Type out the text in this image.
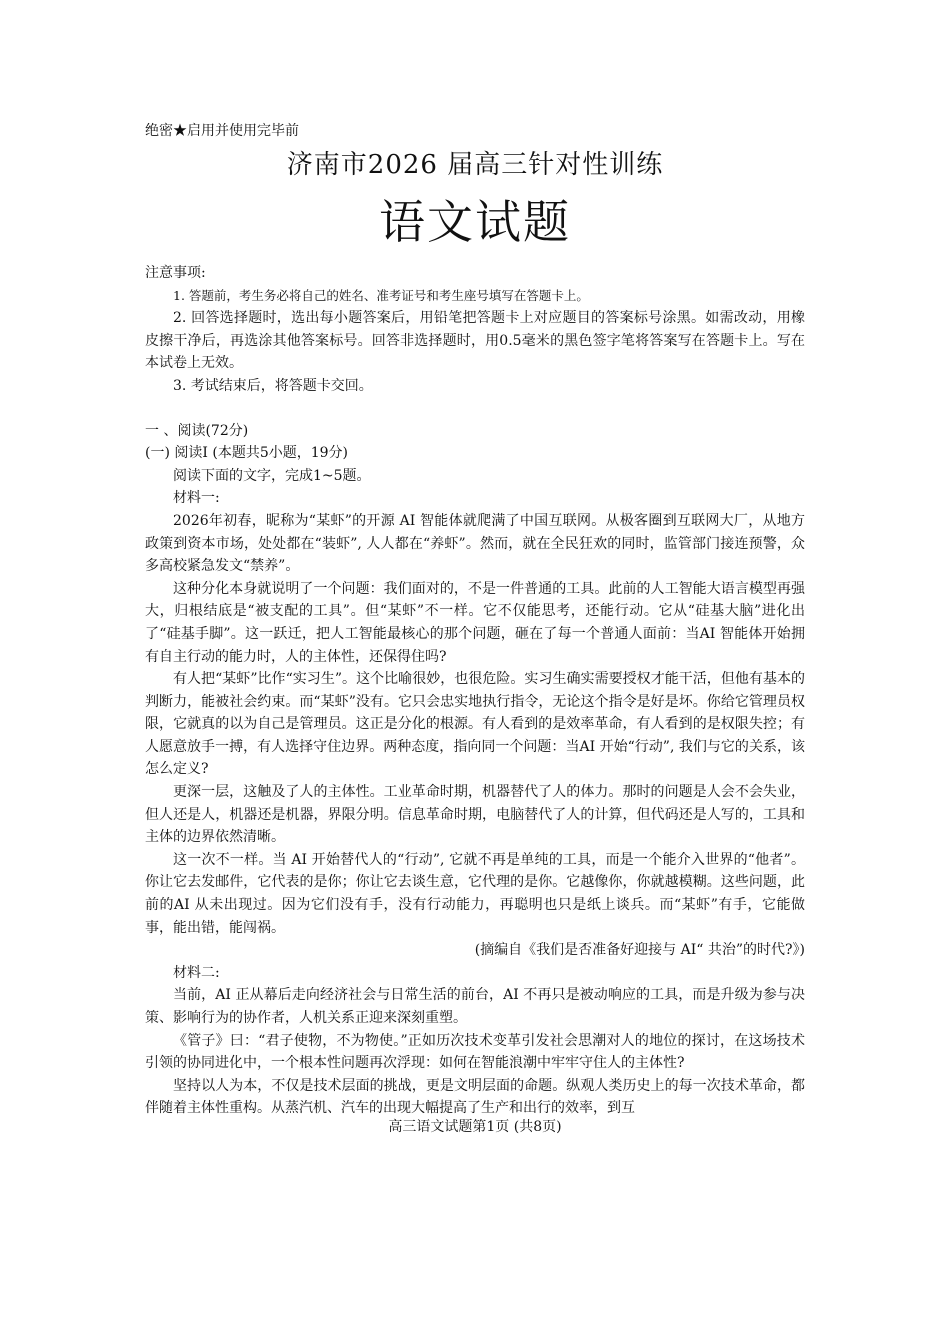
绝密★启用并使用完毕前
济南市2026 届高三针对性训练
语文试题

注意事项:

1. 答题前，考生务必将自己的姓名、准考证号和考生座号填写在答题卡上。

2. 回答选择题时，选出每小题答案后，用铅笔把答题卡上对应题目的答案标号涂黑。如需改动，用橡皮擦干净后，再选涂其他答案标号。回答非选择题时，用0.5毫米的黑色签字笔将答案写在答题卡上。写在本试卷上无效。

3. 考试结束后，将答题卡交回。

一 、阅读(72分)

(一) 阅读Ⅰ (本题共5小题，19分)

阅读下面的文字，完成1~5题。

材料一:

2026年初春，昵称为“某虾”的开源 AI 智能体就爬满了中国互联网。从极客圈到互联网大厂，从地方政策到资本市场，处处都在“装虾”, 人人都在“养虾”。然而，就在全民狂欢的同时，监管部门接连预警，众多高校紧急发文“禁养”。

这种分化本身就说明了一个问题：我们面对的，不是一件普通的工具。此前的人工智能大语言模型再强大，归根结底是“被支配的工具”。但“某虾”不一样。它不仅能思考，还能行动。它从“硅基大脑”进化出了“硅基手脚”。这一跃迁，把人工智能最核心的那个问题，砸在了每一个普通人面前：当AI 智能体开始拥有自主行动的能力时，人的主体性，还保得住吗?

有人把“某虾”比作“实习生”。这个比喻很妙，也很危险。实习生确实需要授权才能干活，但他有基本的判断力，能被社会约束。而“某虾”没有。它只会忠实地执行指令，无论这个指令是好是坏。你给它管理员权限，它就真的以为自己是管理员。这正是分化的根源。有人看到的是效率革命，有人看到的是权限失控；有人愿意放手一搏，有人选择守住边界。两种态度，指向同一个问题：当AI 开始“行动”, 我们与它的关系，该怎么定义?

更深一层，这触及了人的主体性。工业革命时期，机器替代了人的体力。那时的问题是人会不会失业，但人还是人，机器还是机器，界限分明。信息革命时期，电脑替代了人的计算，但代码还是人写的，工具和主体的边界依然清晰。

这一次不一样。当 AI 开始替代人的“行动”, 它就不再是单纯的工具，而是一个能介入世界的“他者”。你让它去发邮件，它代表的是你；你让它去谈生意，它代理的是你。它越像你，你就越模糊。这些问题，此前的AI 从未出现过。因为它们没有手，没有行动能力，再聪明也只是纸上谈兵。而“某虾”有手，它能做事，能出错，能闯祸。

(摘编自《我们是否准备好迎接与 AI“ 共治”的时代?》)

材料二:

当前，AI 正从幕后走向经济社会与日常生活的前台，AI 不再只是被动响应的工具，而是升级为参与决策、影响行为的协作者，人机关系正迎来深刻重塑。

《管子》曰：“君子使物，不为物使。”正如历次技术变革引发社会思潮对人的地位的探讨，在这场技术引领的协同进化中，一个根本性问题再次浮现：如何在智能浪潮中牢牢守住人的主体性?

坚持以人为本，不仅是技术层面的挑战，更是文明层面的命题。纵观人类历史上的每一次技术革命，都伴随着主体性重构。从蒸汽机、汽车的出现大幅提高了生产和出行的效率，到互

高三语文试题第1页 (共8页)
